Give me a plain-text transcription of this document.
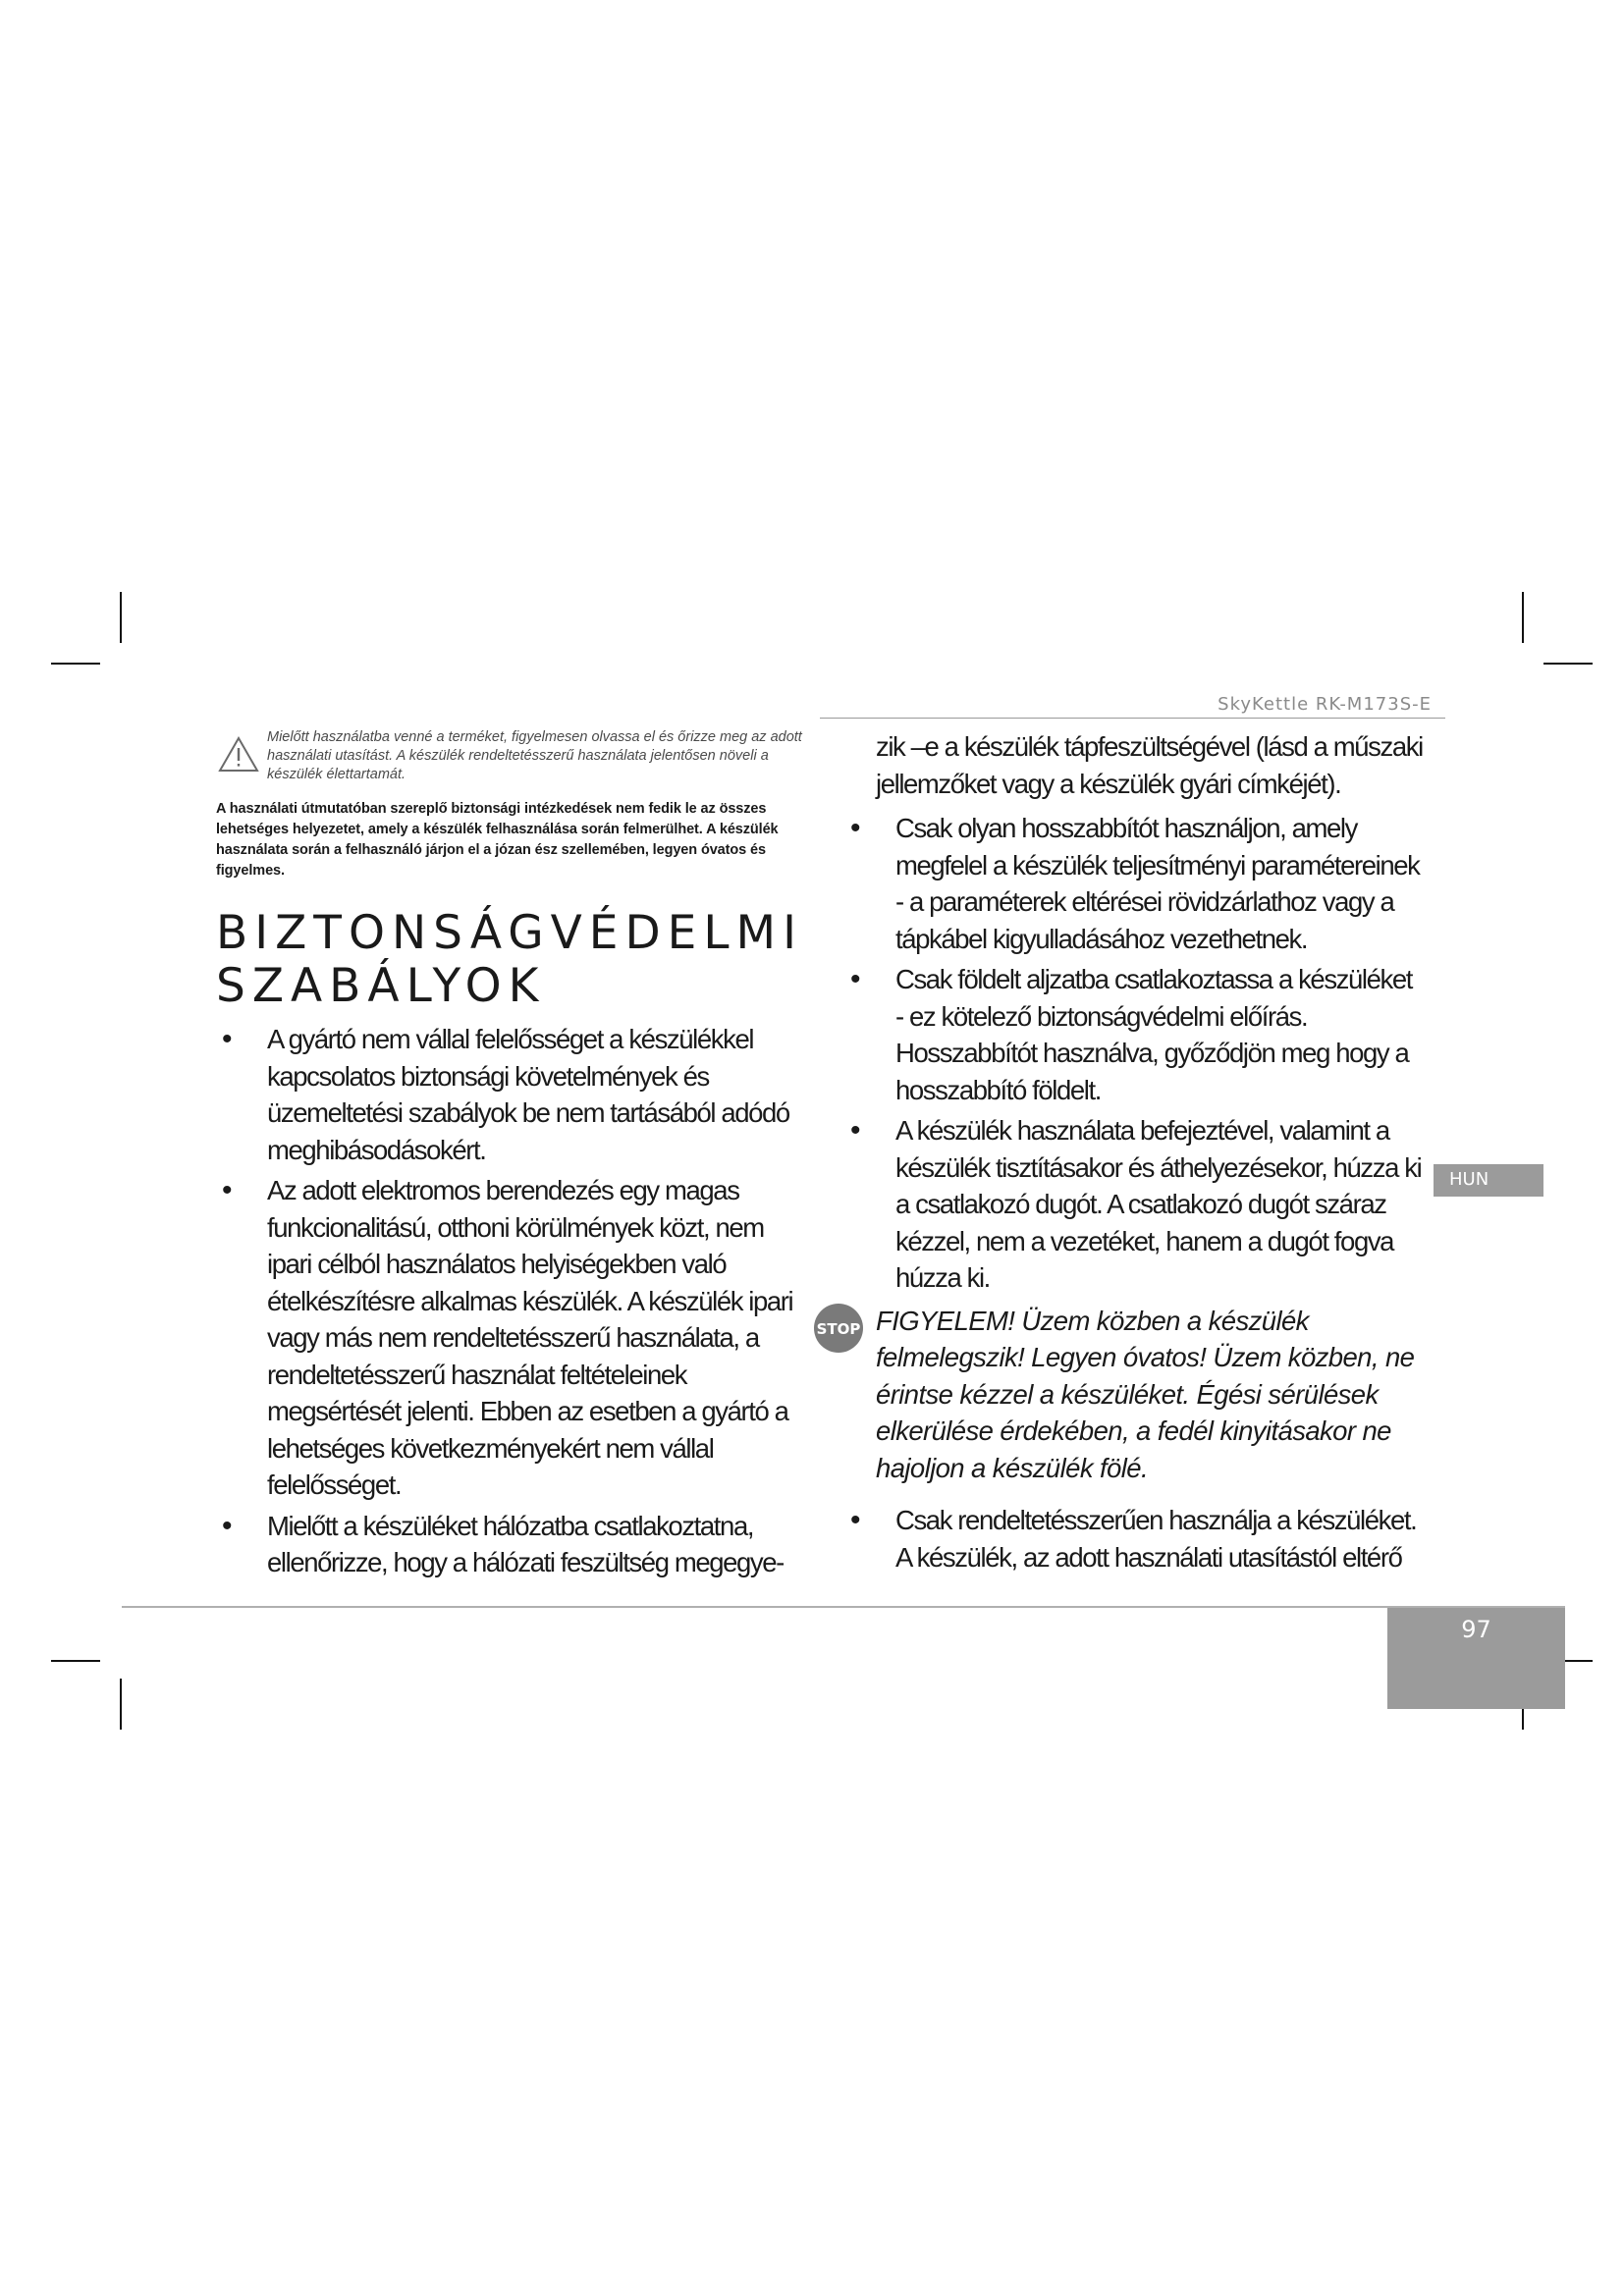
SkyKettle RK-M173S-E
HUN

Mielőtt használatba venné a terméket, figyelmesen olvassa el és őrizze meg az adott használati utasítást. A készülék rendeltetésszerű használata jelentősen növeli a készülék élettartamát.

A használati útmutatóban szereplő biztonsági intézkedések nem fedik le az összes lehetséges helyezetet, amely a készülék felhasználása során felmerülhet. A készülék használata során a felhasználó járjon el a józan ész szellemében, legyen óvatos és figyelmes.

BIZTONSÁGVÉDELMI
SZABÁLYOK
• A gyártó nem vállal felelősséget a készülékkel kapcsolatos biztonsági követelmények és üzemeltetési szabályok be nem tartásából adódó meghibásodásokért.
• Az adott elektromos berendezés egy magas funkcionalitású, otthoni körülmények közt, nem ipari célból használatos helyiségekben való ételkészítésre alkalmas készülék. A készülék ipari vagy más nem rendeltetésszerű használata, a rendeltetésszerű használat feltételeinek megsértését jelenti. Ebben az esetben a gyártó a lehetséges következményekért nem vállal felelősséget.
• Mielőtt a készüléket hálózatba csatlakoztatna, ellenőrizze, hogy a hálózati feszültség megegye-

zik –e a készülék tápfeszültségével (lásd a műszaki jellemzőket vagy a készülék gyári címkéjét).

• Csak olyan hosszabbítót használjon, amely megfelel a készülék teljesítményi paramétereinek - a paraméterek eltérései rövidzárlathoz vagy a tápkábel kigyulladásához vezethetnek.
• Csak földelt aljzatba csatlakoztassa a készüléket - ez kötelező biztonságvédelmi előírás. Hosszabbítót használva, győződjön meg hogy a hosszabbító földelt.
• A készülék használata befejeztével, valamint a készülék tisztításakor és áthelyezésekor, húzza ki a csatlakozó dugót. A csatlakozó dugót száraz kézzel, nem a vezetéket, hanem a dugót fogva húzza ki.
STOP FIGYELEM! Üzem közben a készülék felmelegszik! Legyen óvatos! Üzem közben, ne érintse kézzel a készüléket. Égési sérülések elkerülése érdekében, a fedél kinyitásakor ne hajoljon a készülék fölé.

• Csak rendeltetésszerűen használja a készüléket. A készülék, az adott használati utasítástól eltérő
97
